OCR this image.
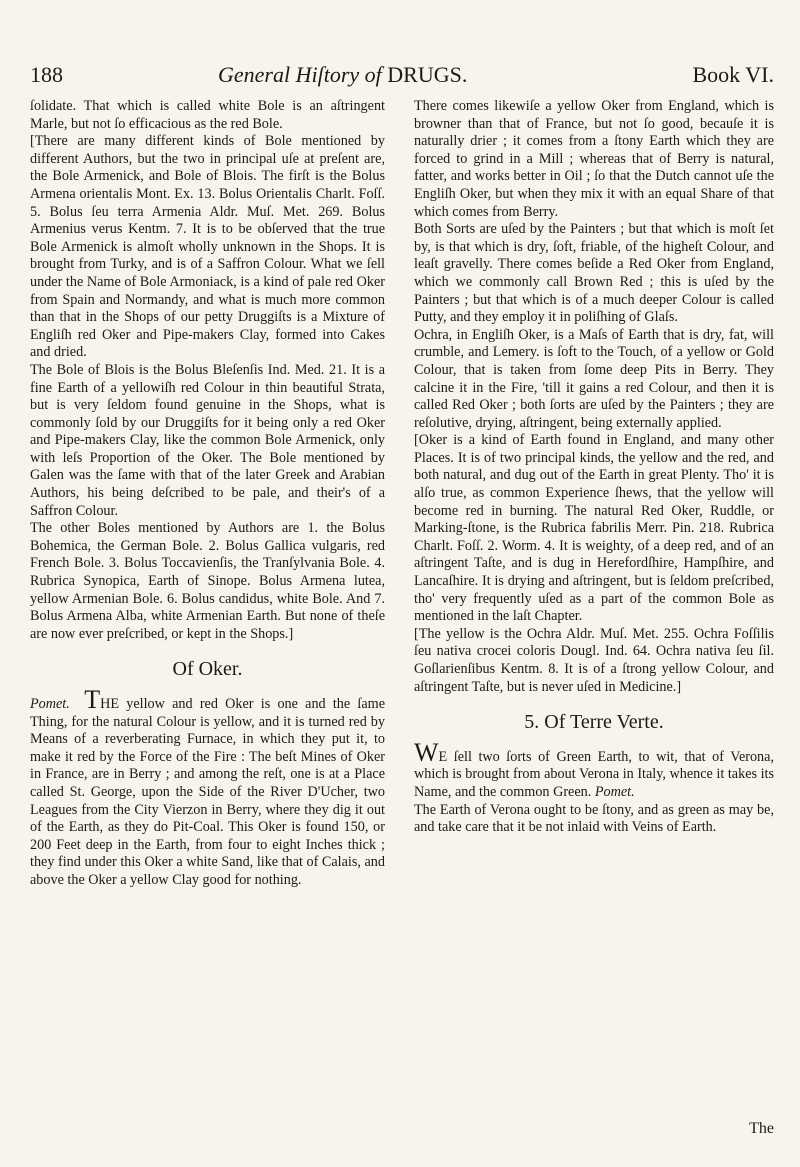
188	General Hiſtory of DRUGS.	Book VI.

ſolidate. That which is called white Bole is an aſtringent Marle, but not ſo efficacious as the red Bole.

[There are many different kinds of Bole mentioned by different Authors, but the two in principal uſe at preſent are, the Bole Armenick, and Bole of Blois. The firſt is the Bolus Armena orientalis Mont. Ex. 13. Bolus Orientalis Charlt. Foſſ. 5. Bolus ſeu terra Armenia Aldr. Muſ. Met. 269. Bolus Armenius verus Kentm. 7. It is to be obſerved that the true Bole Armenick is almoſt wholly unknown in the Shops. It is brought from Turky, and is of a Saffron Colour. What we ſell under the Name of Bole Armoniack, is a kind of pale red Oker from Spain and Normandy, and what is much more common than that in the Shops of our petty Druggiſts is a Mixture of Engliſh red Oker and Pipe-makers Clay, formed into Cakes and dried.

The Bole of Blois is the Bolus Bleſenſis Ind. Med. 21. It is a fine Earth of a yellowiſh red Colour in thin beautiful Strata, but is very ſeldom found genuine in the Shops, what is commonly ſold by our Druggiſts for it being only a red Oker and Pipe-makers Clay, like the common Bole Armenick, only with leſs Proportion of the Oker. The Bole mentioned by Galen was the ſame with that of the later Greek and Arabian Authors, his being deſcribed to be pale, and their's of a Saffron Colour.

The other Boles mentioned by Authors are 1. the Bolus Bohemica, the German Bole. 2. Bolus Gallica vulgaris, red French Bole. 3. Bolus Toccavienſis, the Tranſylvania Bole. 4. Rubrica Synopica, Earth of Sinope. Bolus Armena lutea, yellow Armenian Bole. 6. Bolus candidus, white Bole. And 7. Bolus Armena Alba, white Armenian Earth. But none of theſe are now ever preſcribed, or kept in the Shops.]

Of Oker.

Pomet. THE yellow and red Oker is one and the ſame Thing, for the natural Colour is yellow, and it is turned red by Means of a reverberating Furnace, in which they put it, to make it red by the Force of the Fire : The beſt Mines of Oker in France, are in Berry ; and among the reſt, one is at a Place called St. George, upon the Side of the River D'Ucher, two Leagues from the City Vierzon in Berry, where they dig it out of the Earth, as they do Pit-Coal. This Oker is found 150, or 200 Feet deep in the Earth, from four to eight Inches thick ; they find under this Oker a white Sand, like that of Calais, and above the Oker a yellow Clay good for nothing.

There comes likewiſe a yellow Oker from England, which is browner than that of France, but not ſo good, becauſe it is naturally drier ; it comes from a ſtony Earth which they are forced to grind in a Mill ; whereas that of Berry is natural, fatter, and works better in Oil ; ſo that the Dutch cannot uſe the Engliſh Oker, but when they mix it with an equal Share of that which comes from Berry.

Both Sorts are uſed by the Painters ; but that which is moſt ſet by, is that which is dry, ſoft, friable, of the higheſt Colour, and leaſt gravelly. There comes beſide a Red Oker from England, which we commonly call Brown Red ; this is uſed by the Painters ; but that which is of a much deeper Colour is called Putty, and they employ it in poliſhing of Glaſs.

Ochra, in Engliſh Oker, is a Maſs of Earth that is dry, fat, will crumble, and Lemery. is ſoft to the Touch, of a yellow or Gold Colour, that is taken from ſome deep Pits in Berry. They calcine it in the Fire, 'till it gains a red Colour, and then it is called Red Oker ; both ſorts are uſed by the Painters ; they are reſolutive, drying, aſtringent, being externally applied.

[Oker is a kind of Earth found in England, and many other Places. It is of two principal kinds, the yellow and the red, and both natural, and dug out of the Earth in great Plenty. Tho' it is alſo true, as common Experience ſhews, that the yellow will become red in burning. The natural Red Oker, Ruddle, or Marking-ſtone, is the Rubrica fabrilis Merr. Pin. 218. Rubrica Charlt. Foſſ. 2. Worm. 4. It is weighty, of a deep red, and of an aſtringent Taſte, and is dug in Herefordſhire, Hampſhire, and Lancaſhire. It is drying and aſtringent, but is ſeldom preſcribed, tho' very frequently uſed as a part of the common Bole as mentioned in the laſt Chapter.

[The yellow is the Ochra Aldr. Muſ. Met. 255. Ochra Foſſilis ſeu nativa crocei coloris Dougl. Ind. 64. Ochra nativa ſeu ſil. Goſlarienſibus Kentm. 8. It is of a ſtrong yellow Colour, and aſtringent Taſte, but is never uſed in Medicine.]

5. Of Terre Verte.

WE ſell two ſorts of Green Earth, to wit, that of Verona, which is brought from about Verona in Italy, whence it takes its Name, and the common Green. Pomet.

The Earth of Verona ought to be ſtony, and as green as may be, and take care that it be not inlaid with Veins of Earth.

The
